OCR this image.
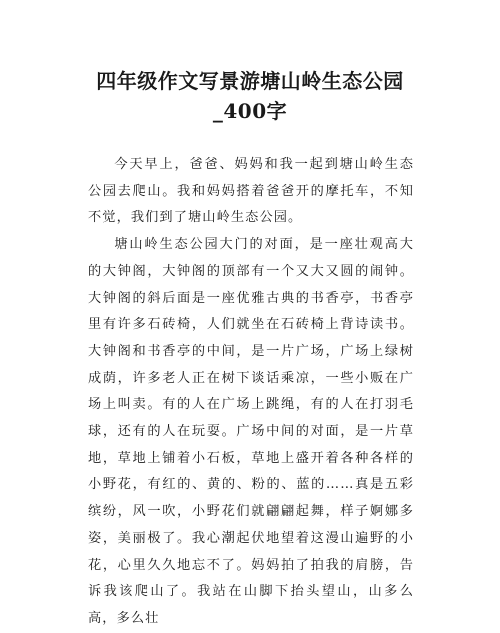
四年级作文写景游塘山岭生态公园_400字

今天早上，爸爸、妈妈和我一起到塘山岭生态公园去爬山。我和妈妈搭着爸爸开的摩托车，不知不觉，我们到了塘山岭生态公园。

塘山岭生态公园大门的对面，是一座壮观高大的大钟阁，大钟阁的顶部有一个又大又圆的闹钟。大钟阁的斜后面是一座优雅古典的书香亭，书香亭里有许多石砖椅，人们就坐在石砖椅上背诗读书。大钟阁和书香亭的中间，是一片广场，广场上绿树成荫，许多老人正在树下谈话乘凉，一些小贩在广场上叫卖。有的人在广场上跳绳，有的人在打羽毛球，还有的人在玩耍。广场中间的对面，是一片草地，草地上铺着小石板，草地上盛开着各种各样的小野花，有红的、黄的、粉的、蓝的……真是五彩缤纷，风一吹，小野花们就翩翩起舞，样子婀娜多姿，美丽极了。我心潮起伏地望着这漫山遍野的小花，心里久久地忘不了。妈妈拍了拍我的肩膀，告诉我该爬山了。我站在山脚下抬头望山，山多么高，多么壮
